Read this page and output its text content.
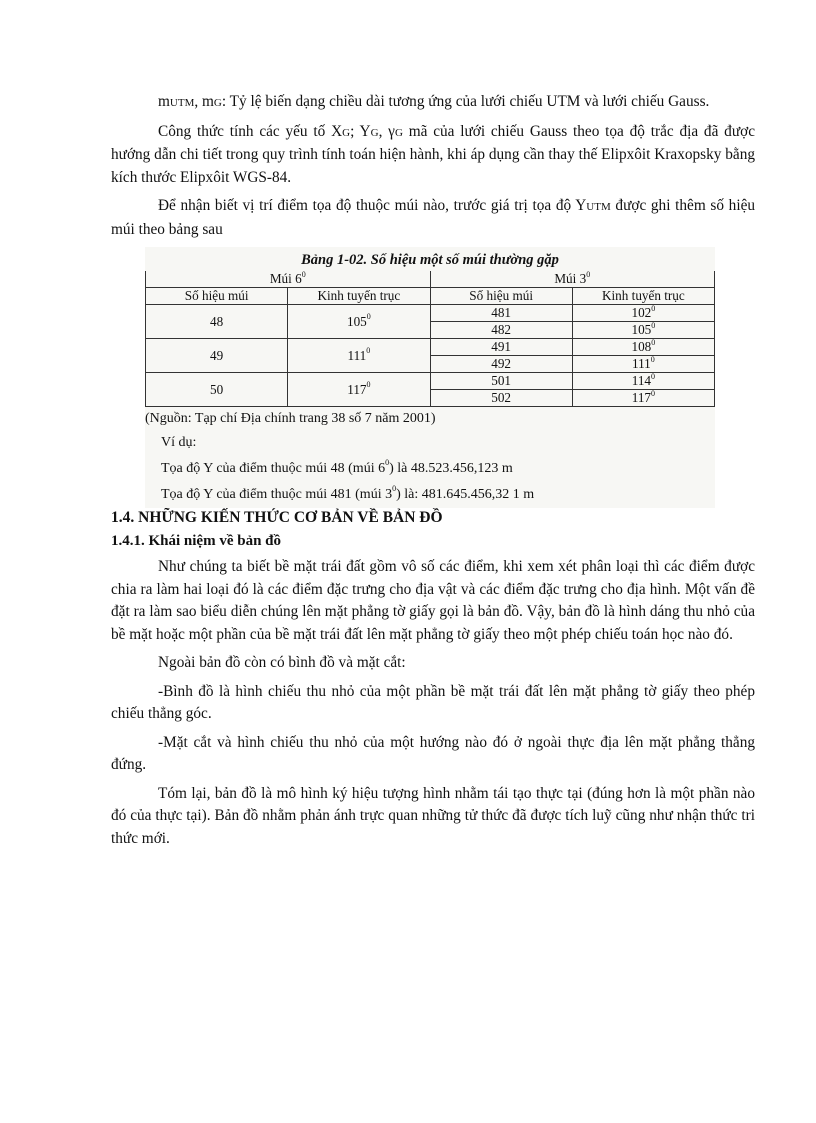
mUTM, mG: Tỷ lệ biến dạng chiều dài tương ứng của lưới chiếu UTM và lưới chiếu Gauss.

Công thức tính các yếu tố XG; YG, γG mã của lưới chiếu Gauss theo tọa độ trắc địa đã được hướng dẫn chi tiết trong quy trình tính toán hiện hành, khi áp dụng cần thay thế Elipxôit Kraxopsky bằng kích thước Elipxôit WGS-84.

Để nhận biết vị trí điểm tọa độ thuộc múi nào, trước giá trị tọa độ YUTM được ghi thêm số hiệu múi theo bảng sau

Bảng 1-02. Số hiệu một số múi thường gặp
Múi $6^0$		Múi $3^0$
Số hiệu múi	Kinh tuyến trục	Số hiệu múi	Kinh tuyến trục
48	$105^0$	481	$102^0$
		482	$105^0$
49	$111^0$	491	$108^0$
		492	$111^0$
50	$117^0$	501	$114^0$
		502	$117^0$
(Nguồn: Tạp chí Địa chính trang 38 số 7 năm 2001)
Ví dụ:
Tọa độ Y của điểm thuộc múi 48 (múi $6^0$) là 48.523.456,123 m
Tọa độ Y của điểm thuộc múi 481 (múi $3^0$) là: 481.645.456,32 1 m
1.4. NHỮNG KIẾN THỨC CƠ BẢN VỀ BẢN ĐỒ
1.4.1. Khái niệm về bản đồ

Như chúng ta biết bề mặt trái đất gồm vô số các điểm, khi xem xét phân loại thì các điểm được chia ra làm hai loại đó là các điểm đặc trưng cho địa vật và các điểm đặc trưng cho địa hình. Một vấn đề đặt ra làm sao biểu diễn chúng lên mặt phẳng tờ giấy gọi là bản đồ. Vậy, bản đồ là hình dáng thu nhỏ của bề mặt hoặc một phần của bề mặt trái đất lên mặt phẳng tờ giấy theo một phép chiếu toán học nào đó.

Ngoài bản đồ còn có bình đồ và mặt cắt:

-Bình đồ là hình chiếu thu nhỏ của một phần bề mặt trái đất lên mặt phẳng tờ giấy theo phép chiếu thẳng góc.

-Mặt cắt và hình chiếu thu nhỏ của một hướng nào đó ở ngoài thực địa lên mặt phẳng thẳng đứng.

Tóm lại, bản đồ là mô hình ký hiệu tượng hình nhằm tái tạo thực tại (đúng hơn là một phần nào đó của thực tại). Bản đồ nhằm phản ánh trực quan những tử thức đã được tích luỹ cũng như nhận thức tri thức mới.
